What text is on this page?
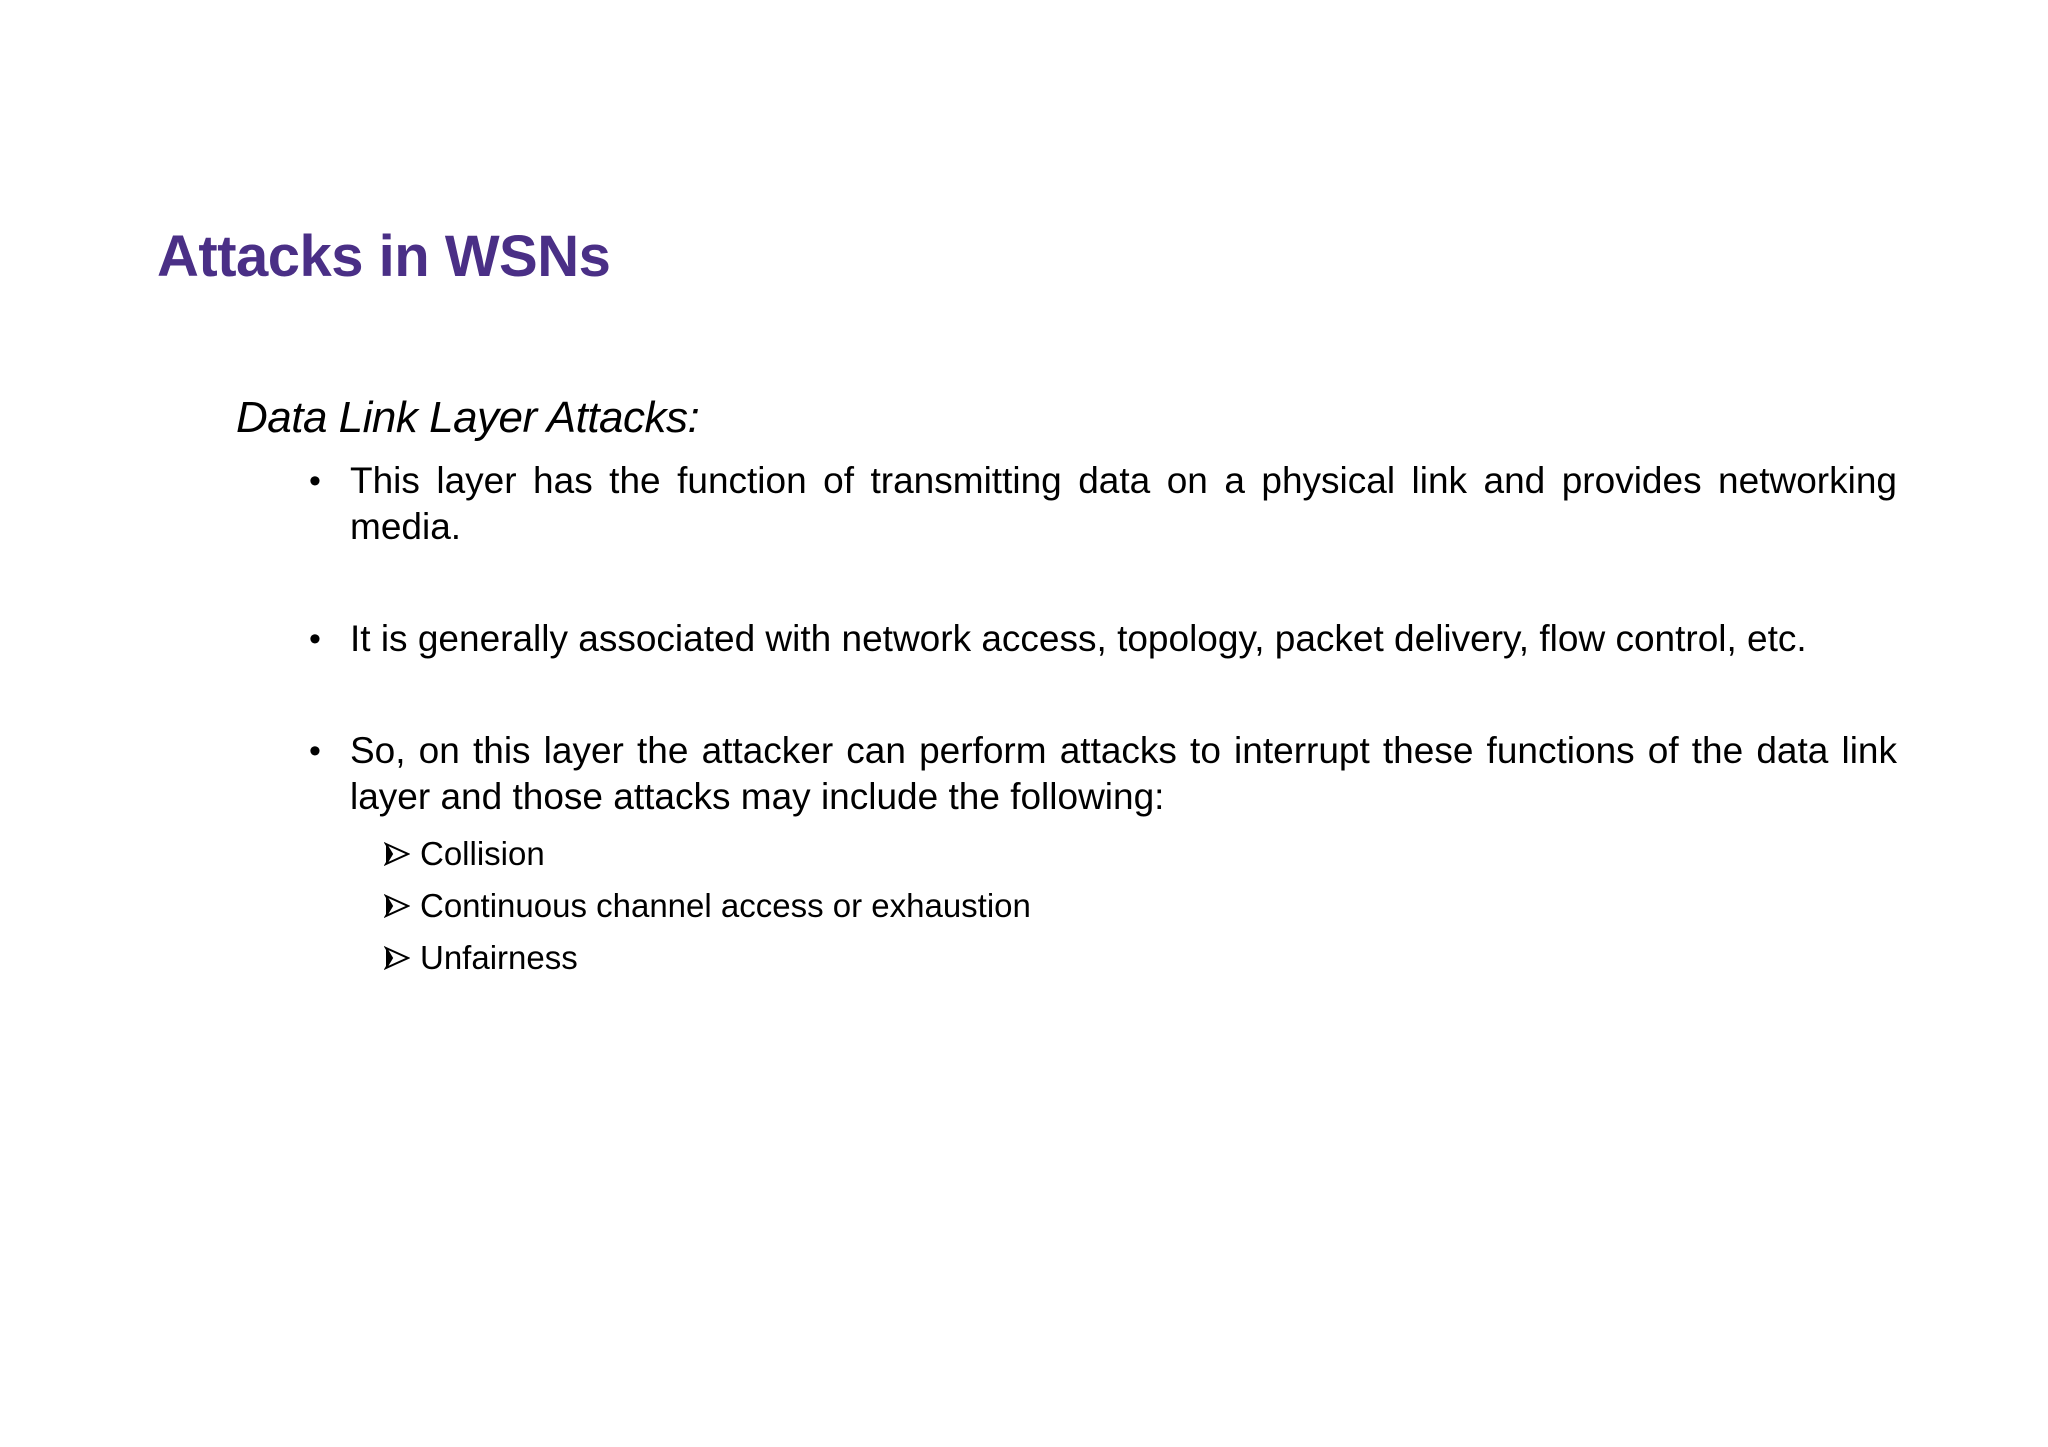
Attacks in WSNs
Data Link Layer Attacks:
• This layer has the function of transmitting data on a physical link and provides networking media.
• It is generally associated with network access, topology, packet delivery, flow control, etc.
• So, on this layer the attacker can perform attacks to interrupt these functions of the data link layer and those attacks may include the following:
Collision
Continuous channel access or exhaustion
Unfairness
